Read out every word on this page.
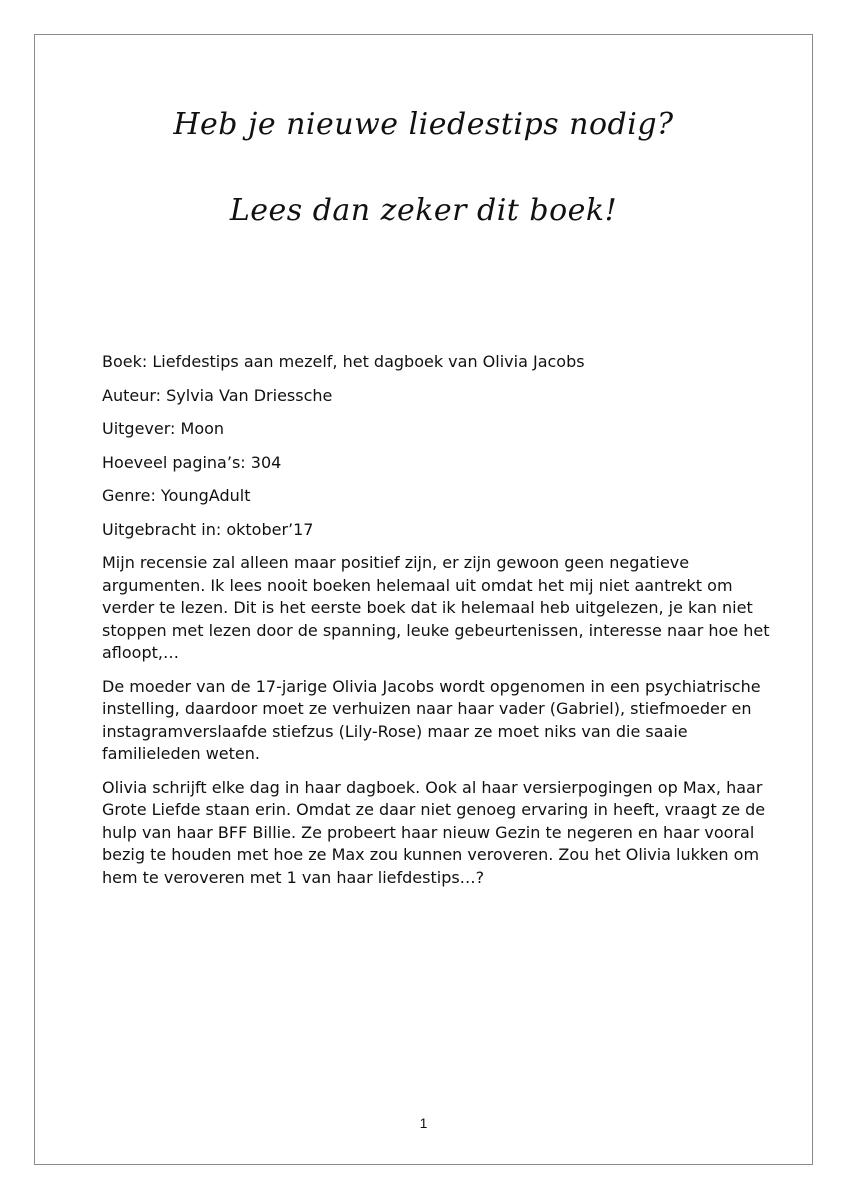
Heb je nieuwe liedestips nodig?

Lees dan zeker dit boek!

Boek: Liefdestips aan mezelf, het dagboek van Olivia Jacobs

Auteur: Sylvia Van Driessche

Uitgever: Moon

Hoeveel pagina’s: 304

Genre: YoungAdult

Uitgebracht in: oktober’17

Mijn recensie zal alleen maar positief zijn, er zijn gewoon geen negatieve argumenten. Ik lees nooit boeken helemaal uit omdat het mij niet aantrekt om verder te lezen. Dit is het eerste boek dat ik helemaal heb uitgelezen, je kan niet stoppen met lezen door de spanning, leuke gebeurtenissen, interesse naar hoe het afloopt,…

De moeder van de 17-jarige Olivia Jacobs wordt opgenomen in een psychiatrische instelling, daardoor moet ze verhuizen naar haar vader (Gabriel), stiefmoeder en instagramverslaafde stiefzus (Lily-Rose) maar ze moet niks van die saaie familieleden weten.

Olivia schrijft elke dag in haar dagboek. Ook al haar versierpogingen op Max, haar Grote Liefde staan erin. Omdat ze daar niet genoeg ervaring in heeft, vraagt ze de hulp van haar BFF Billie. Ze probeert haar nieuw Gezin te negeren en haar vooral bezig te houden met hoe ze Max zou kunnen veroveren. Zou het Olivia lukken om hem te veroveren met 1 van haar liefdestips…?

1
